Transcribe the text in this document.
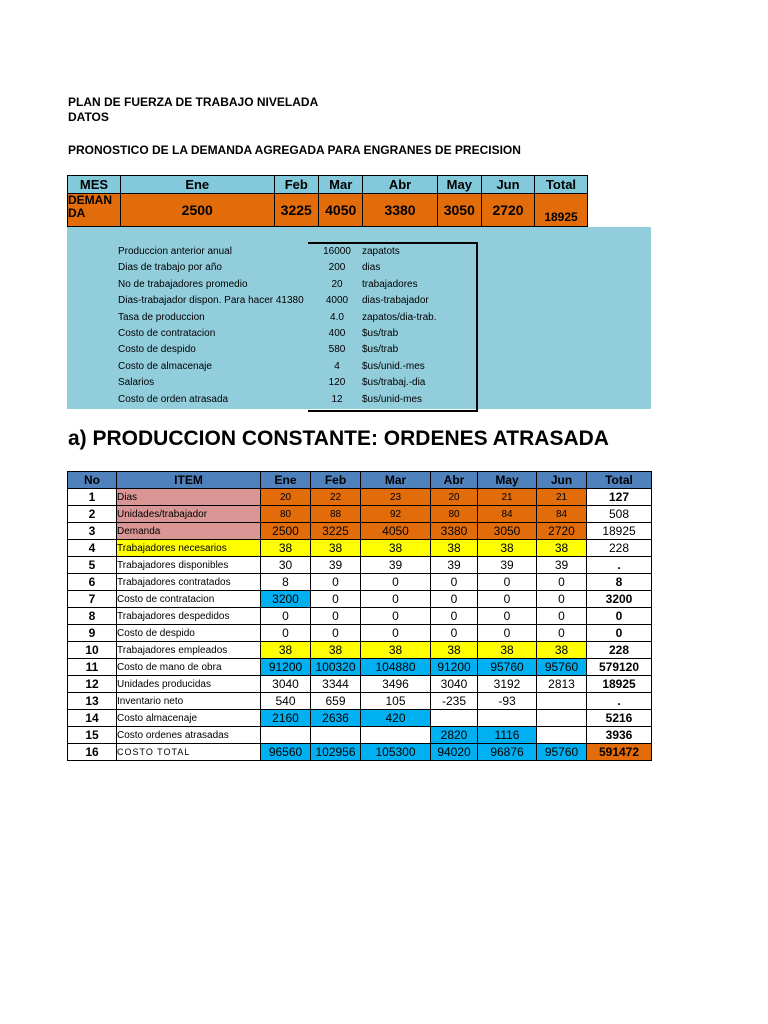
PLAN DE FUERZA DE TRABAJO NIVELADA
DATOS
PRONOSTICO DE LA DEMANDA AGREGADA PARA ENGRANES DE PRECISION
MES	Ene	Feb	Mar	Abr	May	Jun	Total
DEMANDA	2500	3225	4050	3380	3050	2720	18925
Produccion anterior anual	16000	zapatots
Dias de trabajo por año	200	dias
No de trabajadores promedio	20	trabajadores
Dias-trabajador dispon. Para hacer 41380	4000	dias-trabajador
Tasa de produccion	4.0	zapatos/dia-trab.
Costo de contratacion	400	$us/trab
Costo de despido	580	$us/trab
Costo de almacenaje	4	$us/unid.-mes
Salarios	120	$us/trabaj.-dia
Costo de orden atrasada	12	$us/unid-mes
a) PRODUCCION CONSTANTE: ORDENES ATRASADA
No	ITEM	Ene	Feb	Mar	Abr	May	Jun	Total
1	Dias	20	22	23	20	21	21	127
2	Unidades/trabajador	80	88	92	80	84	84	508
3	Demanda	2500	3225	4050	3380	3050	2720	18925
4	Trabajadores necesarios	38	38	38	38	38	38	228
5	Trabajadores disponibles	30	39	39	39	39	39	.
6	Trabajadores contratados	8	0	0	0	0	0	8
7	Costo de contratacion	3200	0	0	0	0	0	3200
8	Trabajadores despedidos	0	0	0	0	0	0	0
9	Costo de despido	0	0	0	0	0	0	0
10	Trabajadores empleados	38	38	38	38	38	38	228
11	Costo de mano de obra	91200	100320	104880	91200	95760	95760	579120
12	Unidades producidas	3040	3344	3496	3040	3192	2813	18925
13	Inventario neto	540	659	105	-235	-93		.
14	Costo almacenaje	2160	2636	420				5216
15	Costo ordenes atrasadas				2820	1116		3936
16	COSTO TOTAL	96560	102956	105300	94020	96876	95760	591472
